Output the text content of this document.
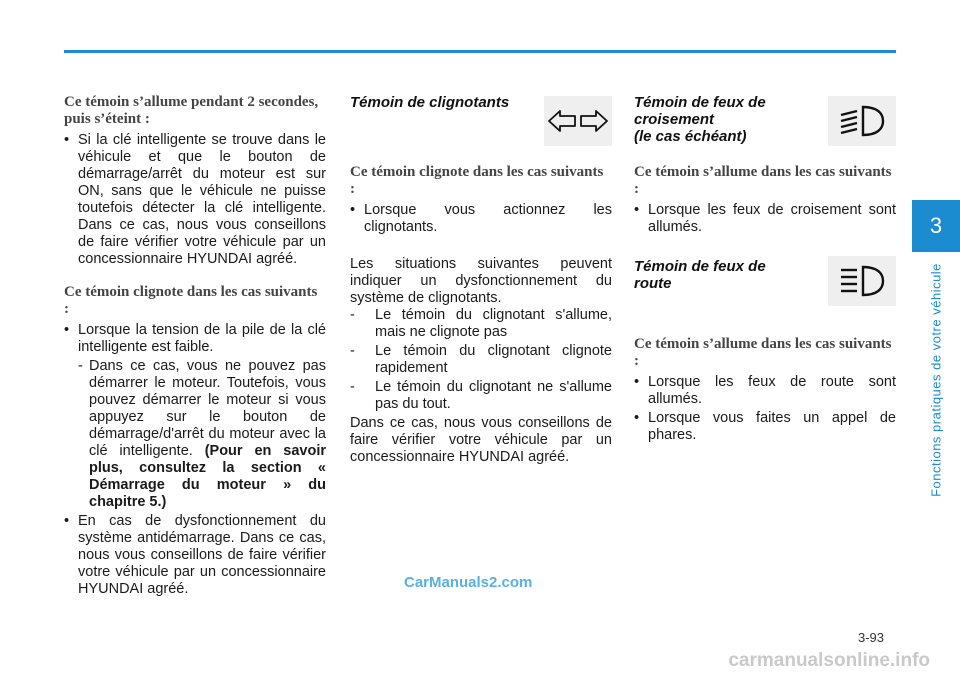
Ce témoin s’allume pendant 2 secondes, puis s’éteint :

• Si la clé intelligente se trouve dans le véhicule et que le bouton de démarrage/arrêt du moteur est sur ON, sans que le véhicule ne puisse toutefois détecter la clé intelligente. Dans ce cas, nous vous conseillons de faire vérifier votre véhicule par un concessionnaire HYUNDAI agréé.

Ce témoin clignote dans les cas suivants :

• Lorsque la tension de la pile de la clé intelligente est faible.

- Dans ce cas, vous ne pouvez pas démarrer le moteur. Toutefois, vous pouvez démarrer le moteur si vous appuyez sur le bouton de démarrage/d'arrêt du moteur avec la clé intelligente. (Pour en savoir plus, consultez la section « Démarrage du moteur » du chapitre 5.)

• En cas de dysfonctionnement du système antidémarrage. Dans ce cas, nous vous conseillons de faire vérifier votre véhicule par un concessionnaire HYUNDAI agréé.

Témoin de clignotants

Ce témoin clignote dans les cas suivants :

• Lorsque vous actionnez les clignotants.

Les situations suivantes peuvent indiquer un dysfonctionnement du système de clignotants.

- Le témoin du clignotant s'allume, mais ne clignote pas

- Le témoin du clignotant clignote rapidement

- Le témoin du clignotant ne s'allume pas du tout.

Dans ce cas, nous vous conseillons de faire vérifier votre véhicule par un concessionnaire HYUNDAI agréé.

Témoin de feux de
croisement
(le cas échéant)

Ce témoin s’allume dans les cas suivants :

• Lorsque les feux de croisement sont allumés.

Témoin de feux de
route

Ce témoin s’allume dans les cas suivants :

• Lorsque les feux de route sont allumés.

• Lorsque vous faites un appel de phares.

3
Fonctions pratiques de votre véhicule
3-93
CarManuals2.com
carmanualsonline.info
